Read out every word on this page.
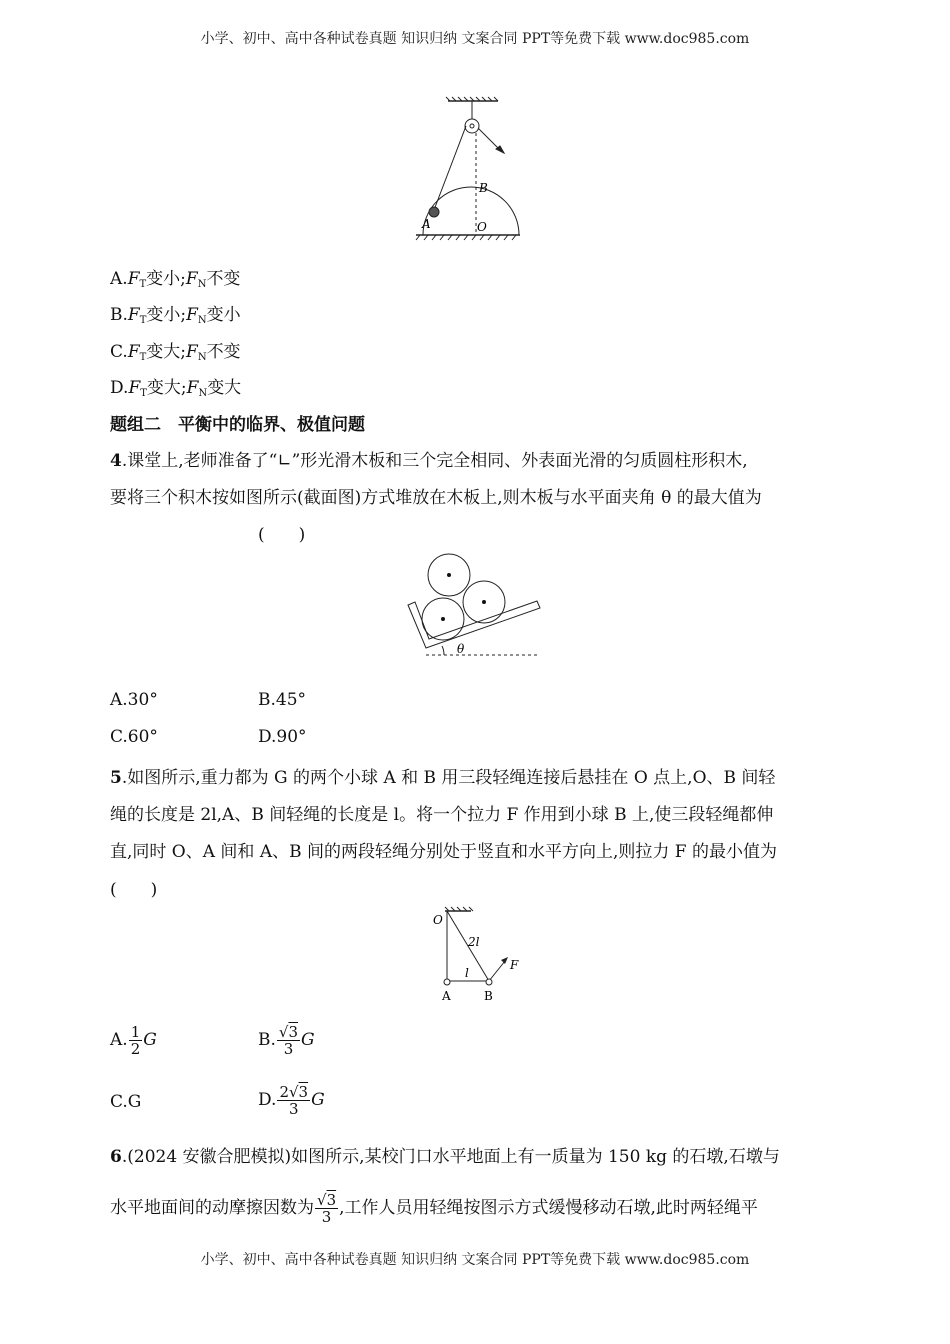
小学、初中、高中各种试卷真题 知识归纳 文案合同 PPT等免费下载 www.doc985.com
B
A	O
$A.F_T$变小$;F_N$不变
$B.F_T$变小$;F_N$变小
$C.F_T$变大$;F_N$不变
$D.F_T$变大$;F_N$变大
题组二　平衡中的临界、极值问题
4.课堂上,老师准备了“∟”形光滑木板和三个完全相同、外表面光滑的匀质圆柱形积木,
要将三个积木按如图所示(截面图)方式堆放在木板上,则木板与水平面夹角 θ 的最大值为
(　　)
θ
A.30°	B.45°
C.60°	D.90°
5.如图所示,重力都为 G 的两个小球 A 和 B 用三段轻绳连接后悬挂在 O 点上,O、B 间轻
绳的长度是 2l,A、B 间轻绳的长度是 l。将一个拉力 F 作用到小球 B 上,使三段轻绳都伸
直,同时 O、A 间和 A、B 间的两段轻绳分别处于竖直和水平方向上,则拉力 F 的最小值为
(　　)
O
2l
l
F
A	B
A. $\frac{1}{2}$ G	B. $\frac{√3}{3}$ G
C.G	D. $\frac{2√3}{3}$ G
6.(2024 安徽合肥模拟)如图所示,某校门口水平地面上有一质量为 150 kg 的石墩,石墩与
水平地面间的动摩擦因数为 $\frac{√3}{3}$ ,工作人员用轻绳按图示方式缓慢移动石墩,此时两轻绳平
小学、初中、高中各种试卷真题 知识归纳 文案合同 PPT等免费下载 www.doc985.com
